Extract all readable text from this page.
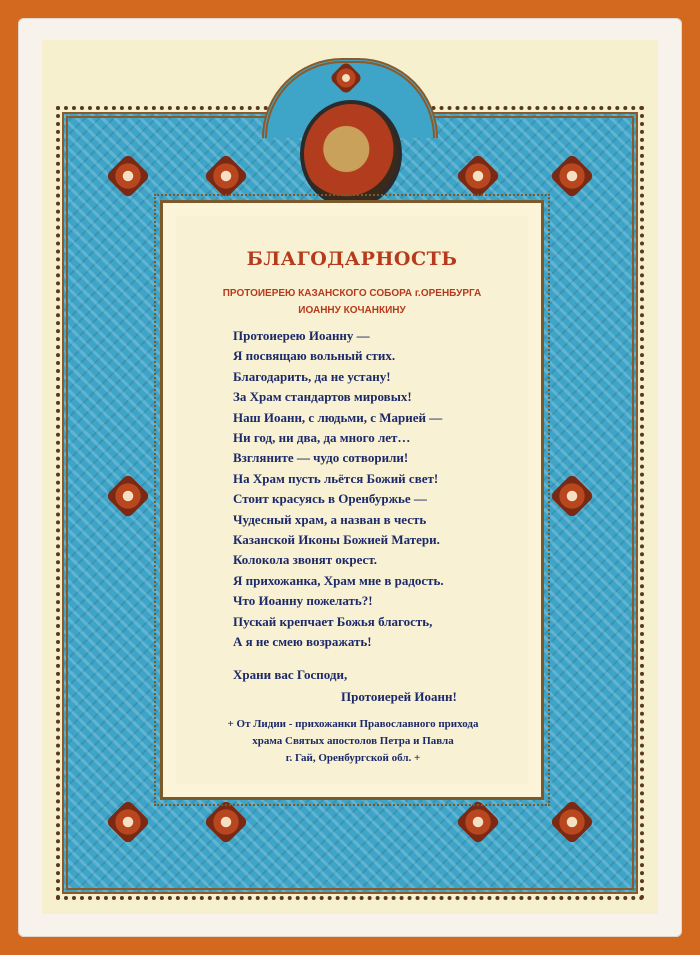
БЛАГОДАРНОСТЬ
ПРОТОИЕРЕЮ КАЗАНСКОГО СОБОРА г.ОРЕНБУРГА
ИОАННУ КОЧАНКИНУ
Протоиерею Иоанну —
Я посвящаю вольный стих.
Благодарить, да не устану!
За Храм стандартов мировых!
Наш Иоанн, с людьми, с Марией —
Ни год, ни два, да много лет…
Взгляните — чудо сотворили!
На Храм пусть льётся Божий свет!
Стоит красуясь в Оренбуржье —
Чудесный храм, а назван в честь
Казанской Иконы Божией Матери.
Колокола звонят окрест.
Я прихожанка, Храм мне в радость.
Что Иоанну пожелать?!
Пускай крепчает Божья благость,
А я не смею возражать!
Храни вас Господи,
Протоиерей Иоанн!
+ От Лидии - прихожанки Православного прихода
храма Святых апостолов Петра и Павла
г. Гай, Оренбургской обл. +
